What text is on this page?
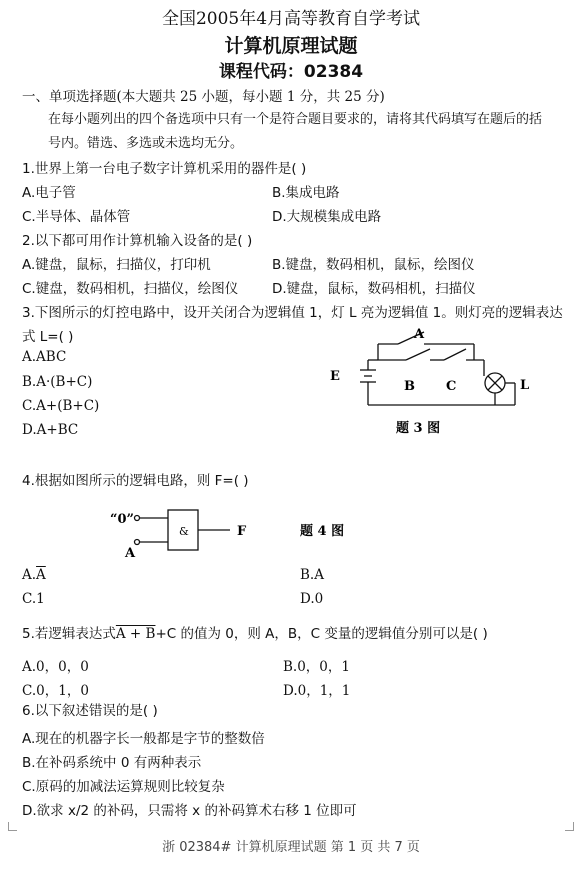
全国2005年4月高等教育自学考试
计算机原理试题
课程代码：02384
一、单项选择题(本大题共 25 小题，每小题 1 分，共 25 分)
在每小题列出的四个备选项中只有一个是符合题目要求的，请将其代码填写在题后的括
号内。错选、多选或未选均无分。
1.世界上第一台电子数字计算机采用的器件是( )
A.电子管	B.集成电路
C.半导体、晶体管	D.大规模集成电路
2.以下都可用作计算机输入设备的是( )
A.键盘，鼠标，扫描仪，打印机	B.键盘，数码相机，鼠标，绘图仪
C.键盘，数码相机，扫描仪，绘图仪	D.键盘，鼠标，数码相机，扫描仪
3.下图所示的灯控电路中，设开关闭合为逻辑值 1，灯 L 亮为逻辑值 1。则灯亮的逻辑表达
式 L=( )
A.ABC
B.A·(B+C)
C.A+(B+C)
D.A+BC
A
B C
E
L
题 3 图
4.根据如图所示的逻辑电路，则 F=( )
“0”
A
&	F	题 4 图
$A.\overline{A}$	B.A
C.1	D.0
5.若逻辑表达式A + B+C 的值为 0，则 A，B，C 变量的逻辑值分别可以是( )
A.0，0，0	B.0，0，1
C.0，1，0	D.0，1，1
6.以下叙述错误的是( )
A.现在的机器字长一般都是字节的整数倍
B.在补码系统中 0 有两种表示
C.原码的加减法运算规则比较复杂
D.欲求 x/2 的补码，只需将 x 的补码算术右移 1 位即可
浙 02384# 计算机原理试题 第 1 页 共 7 页
